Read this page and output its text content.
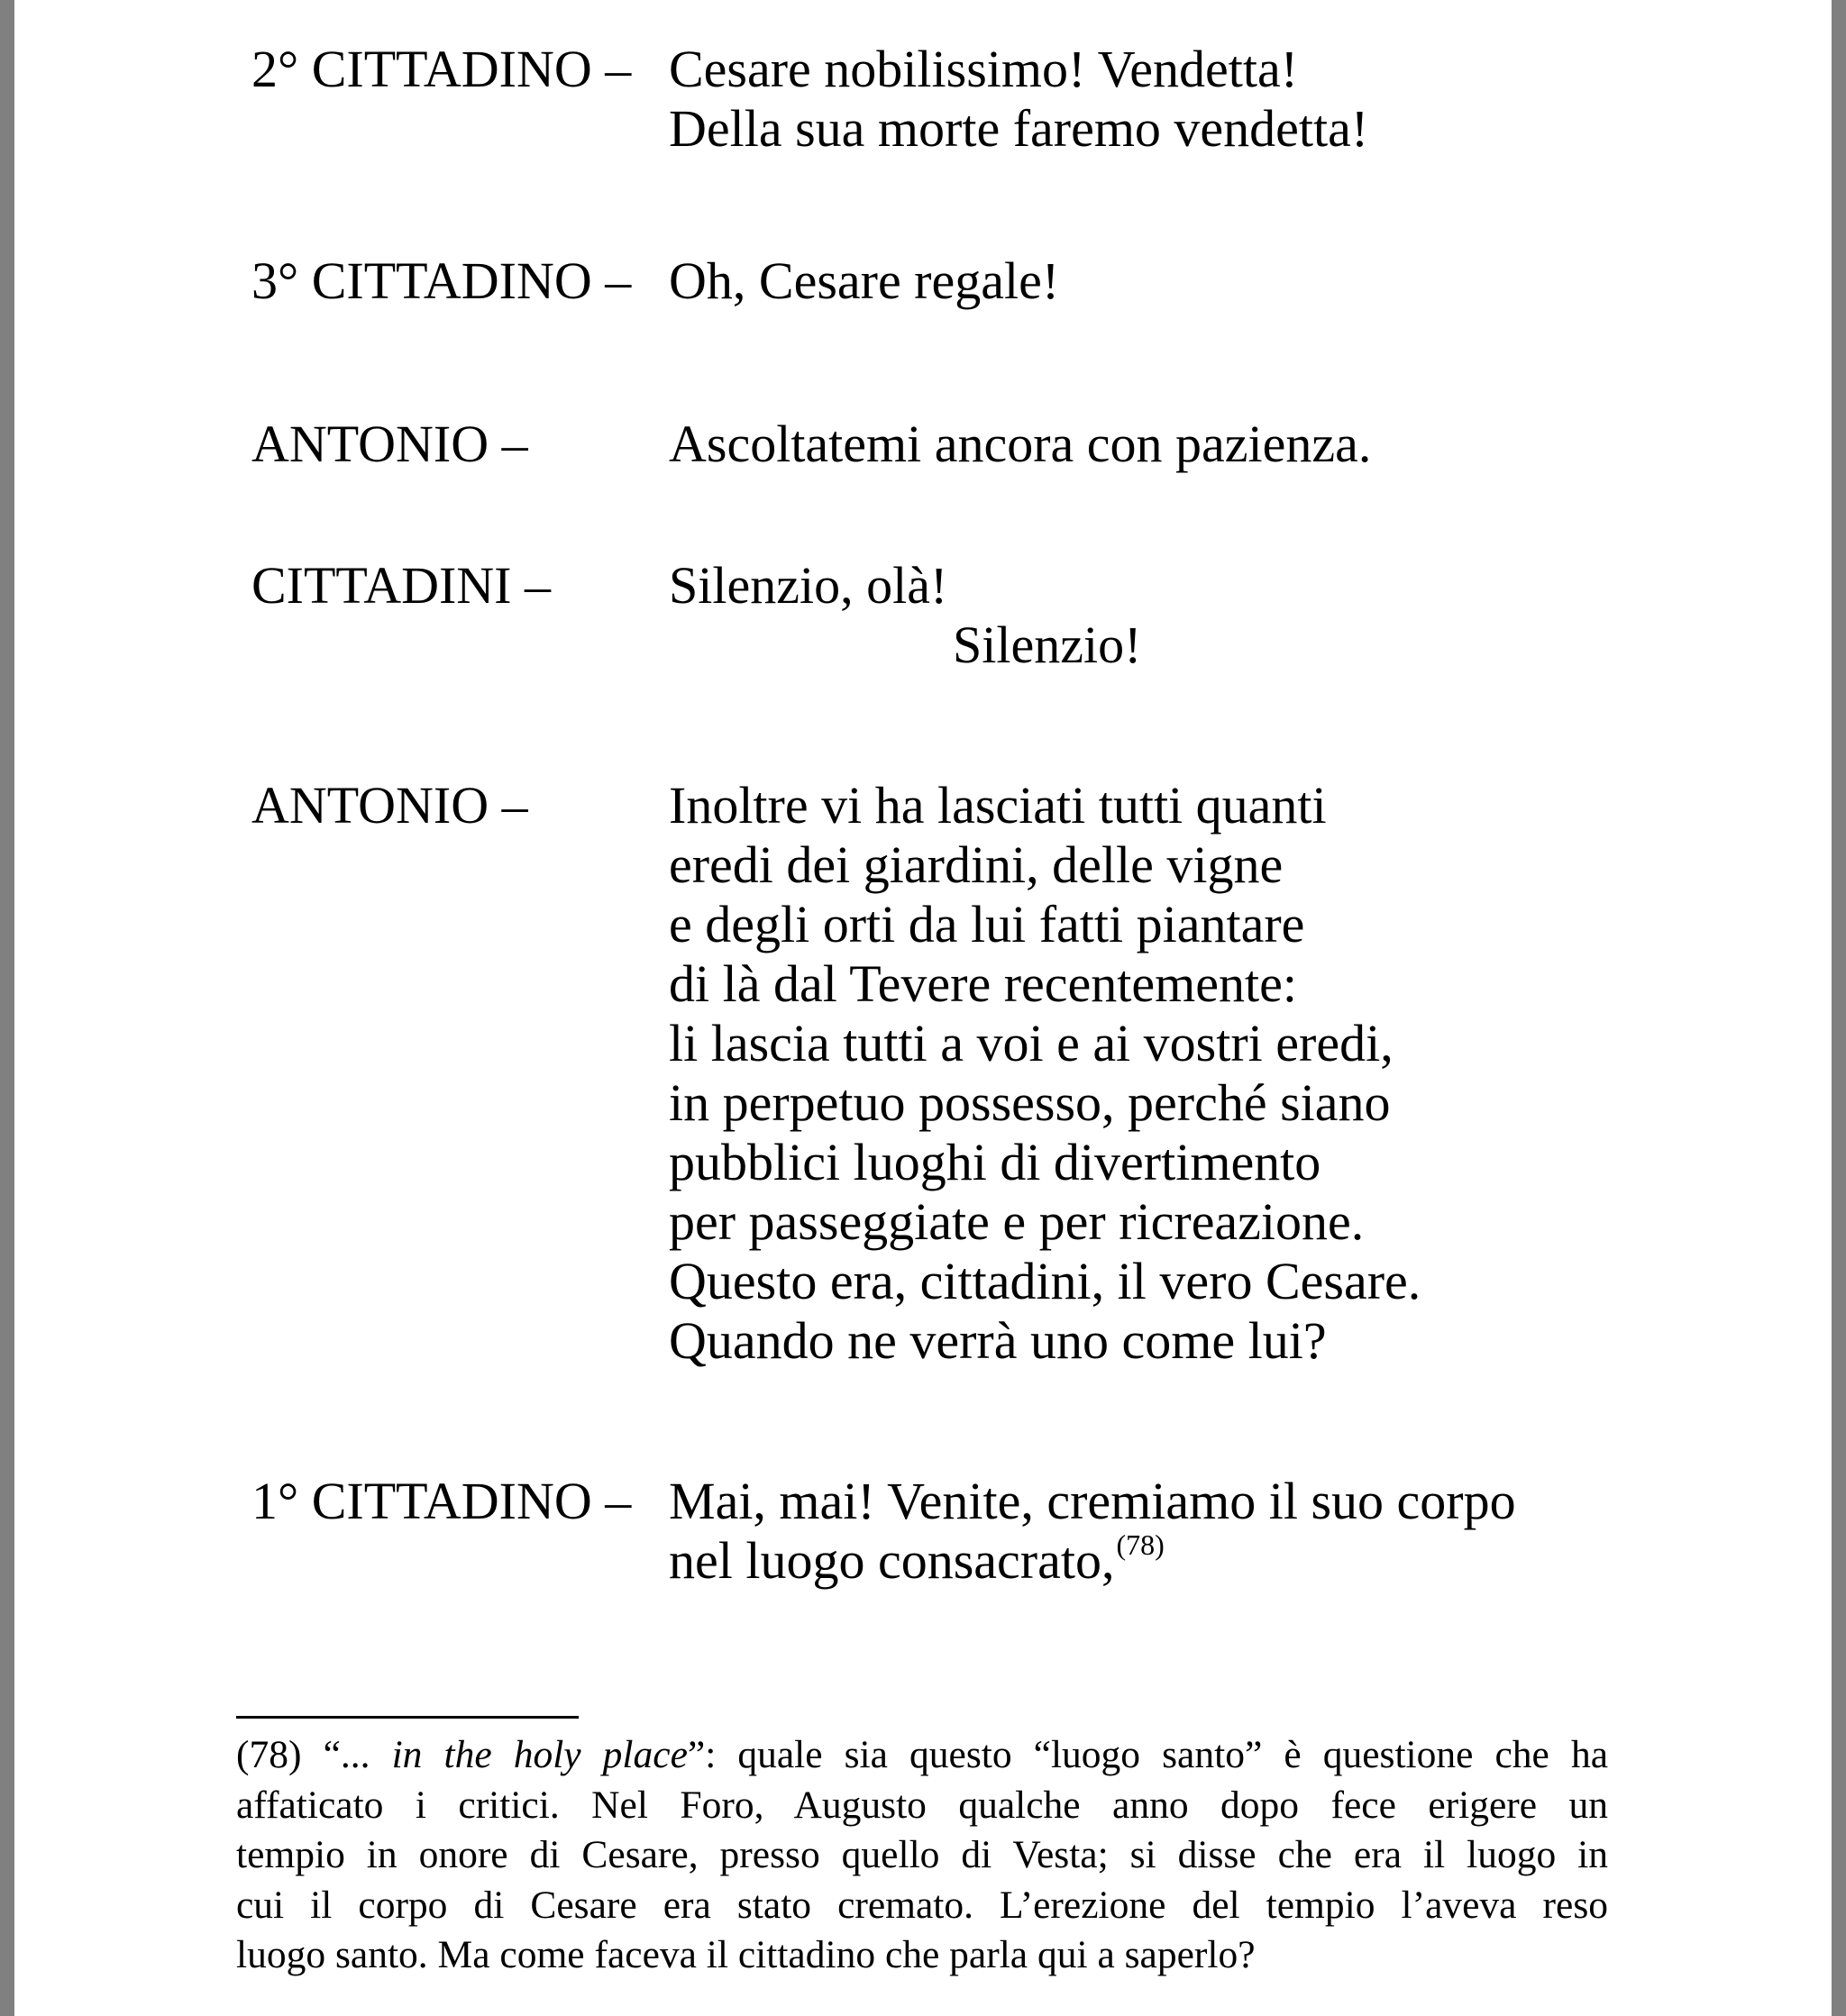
2° CITTADINO – Cesare nobilissimo! Vendetta!
Della sua morte faremo vendetta!
3° CITTADINO – Oh, Cesare regale!
ANTONIO –	Ascoltatemi ancora con pazienza.
CITTADINI – Silenzio, olà!
Silenzio!
ANTONIO –	Inoltre vi ha lasciati tutti quanti
eredi dei giardini, delle vigne
e degli orti da lui fatti piantare
di là dal Tevere recentemente:
li lascia tutti a voi e ai vostri eredi,
in perpetuo possesso, perché siano
pubblici luoghi di divertimento
per passeggiate e per ricreazione.
Questo era, cittadini, il vero Cesare.
Quando ne verrà uno come lui?
1° CITTADINO – Mai, mai! Venite, cremiamo il suo corpo
nel luogo consacrato,$^{(78)}$
(78) “... in the holy place”: quale sia questo “luogo santo” è questione che ha
affaticato i critici. Nel Foro, Augusto qualche anno dopo fece erigere un
tempio in onore di Cesare, presso quello di Vesta; si disse che era il luogo in
cui il corpo di Cesare era stato cremato. L’erezione del tempio l’aveva reso
luogo santo. Ma come faceva il cittadino che parla qui a saperlo?
